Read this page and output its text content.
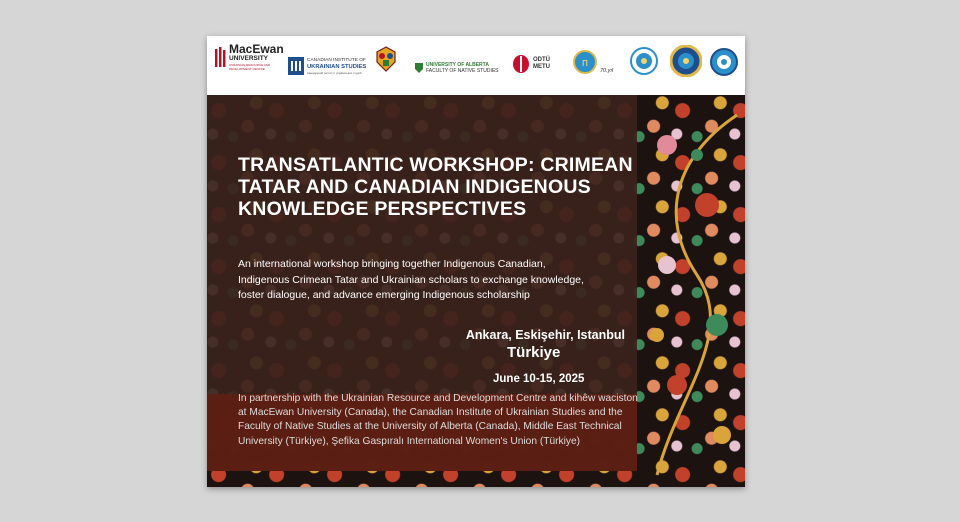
MacEwan
UNIVERSITY
UKRAINIAN RESOURCE AND DEVELOPMENT CENTRE
CANADIAN INSTITUTE OF
UKRAINIAN STUDIES
Канадський інститут українських студій
UNIVERSITY OF ALBERTA
FACULTY OF NATIVE STUDIES
ODTÜ
METU	ᴨ
70.yıl
TRANSATLANTIC WORKSHOP: CRIMEAN TATAR AND CANADIAN INDIGENOUS KNOWLEDGE PERSPECTIVES

An international workshop bringing together Indigenous Canadian, Indigenous Crimean Tatar and Ukrainian scholars to exchange knowledge, foster dialogue, and advance emerging Indigenous scholarship

Ankara, Eskişehir, Istanbul
Türkiye
June 10-15, 2025

In partnership with the Ukrainian Resource and Development Centre and kihêw waciston at MacEwan University (Canada), the Canadian Institute of Ukrainian Studies and the Faculty of Native Studies at the University of Alberta (Canada), Middle East Technical University (Türkiye), Şefika Gaspıralı International Women's Union (Türkiye)
